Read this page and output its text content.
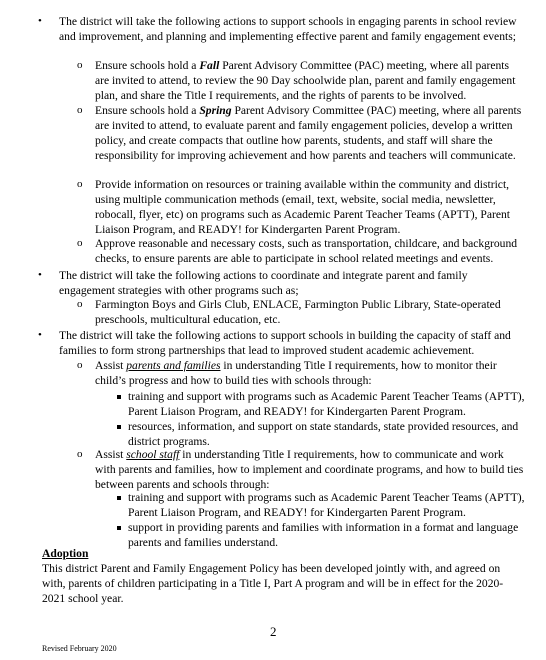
• The district will take the following actions to support schools in engaging parents in school review and improvement, and planning and implementing effective parent and family engagement events;
o Ensure schools hold a Fall Parent Advisory Committee (PAC) meeting, where all parents are invited to attend, to review the 90 Day schoolwide plan, parent and family engagement plan, and share the Title I requirements, and the rights of parents to be involved.
o Ensure schools hold a Spring Parent Advisory Committee (PAC) meeting, where all parents are invited to attend, to evaluate parent and family engagement policies, develop a written policy, and create compacts that outline how parents, students, and staff will share the responsibility for improving achievement and how parents and teachers will communicate.
o Provide information on resources or training available within the community and district, using multiple communication methods (email, text, website, social media, newsletter, robocall, flyer, etc) on programs such as Academic Parent Teacher Teams (APTT), Parent Liaison Program, and READY! for Kindergarten Parent Program.
o Approve reasonable and necessary costs, such as transportation, childcare, and background checks, to ensure parents are able to participate in school related meetings and events.
• The district will take the following actions to coordinate and integrate parent and family engagement strategies with other programs such as;
o Farmington Boys and Girls Club, ENLACE, Farmington Public Library, State-operated preschools, multicultural education, etc.
• The district will take the following actions to support schools in building the capacity of staff and families to form strong partnerships that lead to improved student academic achievement.
o Assist parents and families in understanding Title I requirements, how to monitor their child’s progress and how to build ties with schools through:
training and support with programs such as Academic Parent Teacher Teams (APTT), Parent Liaison Program, and READY! for Kindergarten Parent Program.
resources, information, and support on state standards, state provided resources, and district programs.
o Assist school staff in understanding Title I requirements, how to communicate and work with parents and families, how to implement and coordinate programs, and how to build ties between parents and schools through:
training and support with programs such as Academic Parent Teacher Teams (APTT), Parent Liaison Program, and READY! for Kindergarten Parent Program.
support in providing parents and families with information in a format and language parents and families understand.
Adoption
This district Parent and Family Engagement Policy has been developed jointly with, and agreed on with, parents of children participating in a Title I, Part A program and will be in effect for the 2020-2021 school year.
2
Revised February 2020
